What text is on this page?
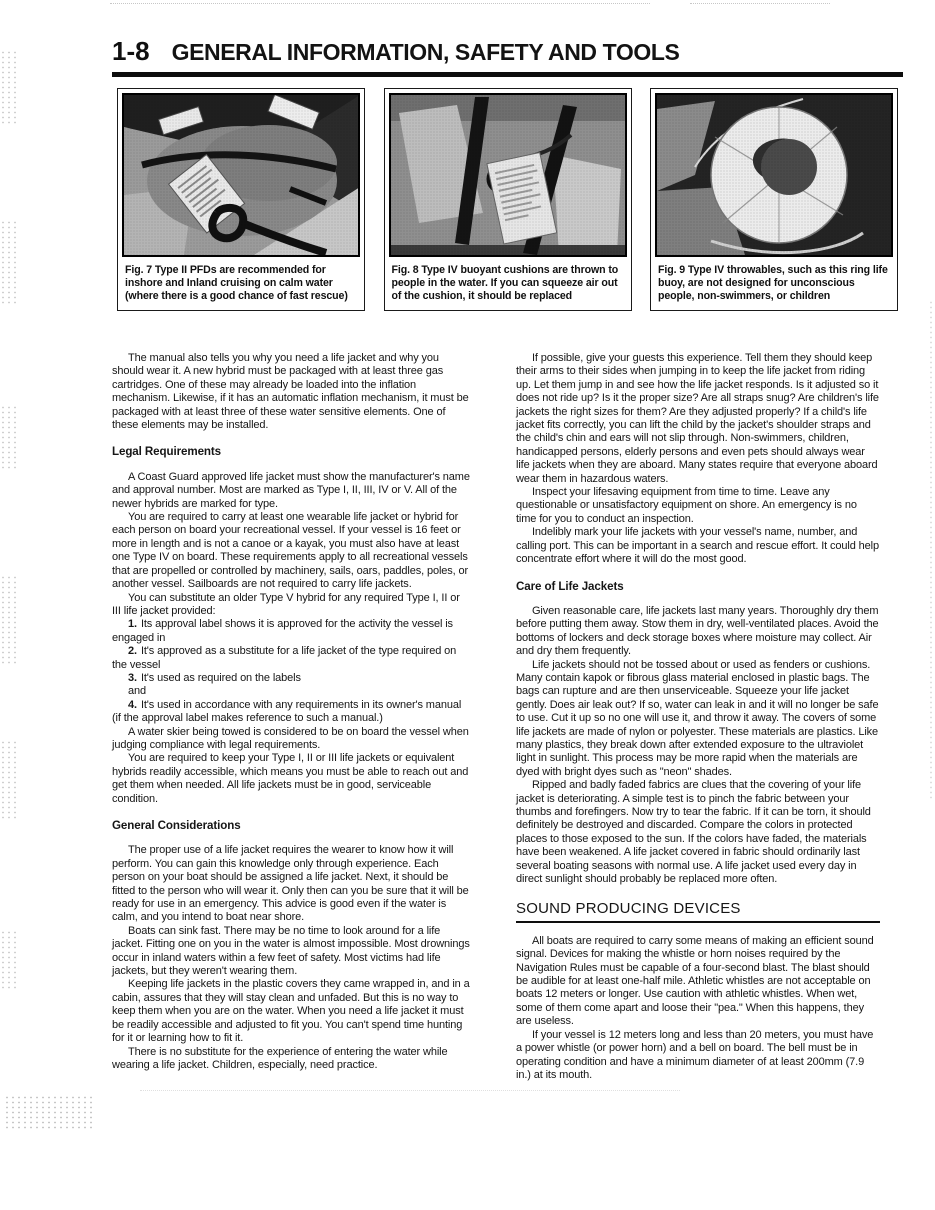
1-8 GENERAL INFORMATION, SAFETY AND TOOLS
Fig. 7 Type II PFDs are recommended for inshore and Inland cruising on calm water (where there is a good chance of fast rescue)
Fig. 8 Type IV buoyant cushions are thrown to people in the water. If you can squeeze air out of the cushion, it should be replaced
Fig. 9 Type IV throwables, such as this ring life buoy, are not designed for unconscious people, non-swimmers, or children

The manual also tells you why you need a life jacket and why you should wear it. A new hybrid must be packaged with at least three gas cartridges. One of these may already be loaded into the inflation mechanism. Likewise, if it has an automatic inflation mechanism, it must be packaged with at least three of these water sensitive elements. One of these elements may be installed.

Legal Requirements

A Coast Guard approved life jacket must show the manufacturer's name and approval number. Most are marked as Type I, II, III, IV or V. All of the newer hybrids are marked for type.

You are required to carry at least one wearable life jacket or hybrid for each person on board your recreational vessel. If your vessel is 16 feet or more in length and is not a canoe or a kayak, you must also have at least one Type IV on board. These requirements apply to all recreational vessels that are propelled or controlled by machinery, sails, oars, paddles, poles, or another vessel. Sailboards are not required to carry life jackets.

You can substitute an older Type V hybrid for any required Type I, II or III life jacket provided:

1. Its approval label shows it is approved for the activity the vessel is engaged in

2. It's approved as a substitute for a life jacket of the type required on the vessel

3. It's used as required on the labels

and

4. It's used in accordance with any requirements in its owner's manual (if the approval label makes reference to such a manual.)

A water skier being towed is considered to be on board the vessel when judging compliance with legal requirements.

You are required to keep your Type I, II or III life jackets or equivalent hybrids readily accessible, which means you must be able to reach out and get them when needed. All life jackets must be in good, serviceable condition.

General Considerations

The proper use of a life jacket requires the wearer to know how it will perform. You can gain this knowledge only through experience. Each person on your boat should be assigned a life jacket. Next, it should be fitted to the person who will wear it. Only then can you be sure that it will be ready for use in an emergency. This advice is good even if the water is calm, and you intend to boat near shore.

Boats can sink fast. There may be no time to look around for a life jacket. Fitting one on you in the water is almost impossible. Most drownings occur in inland waters within a few feet of safety. Most victims had life jackets, but they weren't wearing them.

Keeping life jackets in the plastic covers they came wrapped in, and in a cabin, assures that they will stay clean and unfaded. But this is no way to keep them when you are on the water. When you need a life jacket it must be readily accessible and adjusted to fit you. You can't spend time hunting for it or learning how to fit it.

There is no substitute for the experience of entering the water while wearing a life jacket. Children, especially, need practice.

If possible, give your guests this experience. Tell them they should keep their arms to their sides when jumping in to keep the life jacket from riding up. Let them jump in and see how the life jacket responds. Is it adjusted so it does not ride up? Is it the proper size? Are all straps snug? Are children's life jackets the right sizes for them? Are they adjusted properly? If a child's life jacket fits correctly, you can lift the child by the jacket's shoulder straps and the child's chin and ears will not slip through. Non-swimmers, children, handicapped persons, elderly persons and even pets should always wear life jackets when they are aboard. Many states require that everyone aboard wear them in hazardous waters.

Inspect your lifesaving equipment from time to time. Leave any questionable or unsatisfactory equipment on shore. An emergency is no time for you to conduct an inspection.

Indelibly mark your life jackets with your vessel's name, number, and calling port. This can be important in a search and rescue effort. It could help concentrate effort where it will do the most good.

Care of Life Jackets

Given reasonable care, life jackets last many years. Thoroughly dry them before putting them away. Stow them in dry, well-ventilated places. Avoid the bottoms of lockers and deck storage boxes where moisture may collect. Air and dry them frequently.

Life jackets should not be tossed about or used as fenders or cushions. Many contain kapok or fibrous glass material enclosed in plastic bags. The bags can rupture and are then unserviceable. Squeeze your life jacket gently. Does air leak out? If so, water can leak in and it will no longer be safe to use. Cut it up so no one will use it, and throw it away. The covers of some life jackets are made of nylon or polyester. These materials are plastics. Like many plastics, they break down after extended exposure to the ultraviolet light in sunlight. This process may be more rapid when the materials are dyed with bright dyes such as "neon" shades.

Ripped and badly faded fabrics are clues that the covering of your life jacket is deteriorating. A simple test is to pinch the fabric between your thumbs and forefingers. Now try to tear the fabric. If it can be torn, it should definitely be destroyed and discarded. Compare the colors in protected places to those exposed to the sun. If the colors have faded, the materials have been weakened. A life jacket covered in fabric should ordinarily last several boating seasons with normal use. A life jacket used every day in direct sunlight should probably be replaced more often.

SOUND PRODUCING DEVICES

All boats are required to carry some means of making an efficient sound signal. Devices for making the whistle or horn noises required by the Navigation Rules must be capable of a four-second blast. The blast should be audible for at least one-half mile. Athletic whistles are not acceptable on boats 12 meters or longer. Use caution with athletic whistles. When wet, some of them come apart and loose their "pea." When this happens, they are useless.

If your vessel is 12 meters long and less than 20 meters, you must have a power whistle (or power horn) and a bell on board. The bell must be in operating condition and have a minimum diameter of at least 200mm (7.9 in.) at its mouth.
